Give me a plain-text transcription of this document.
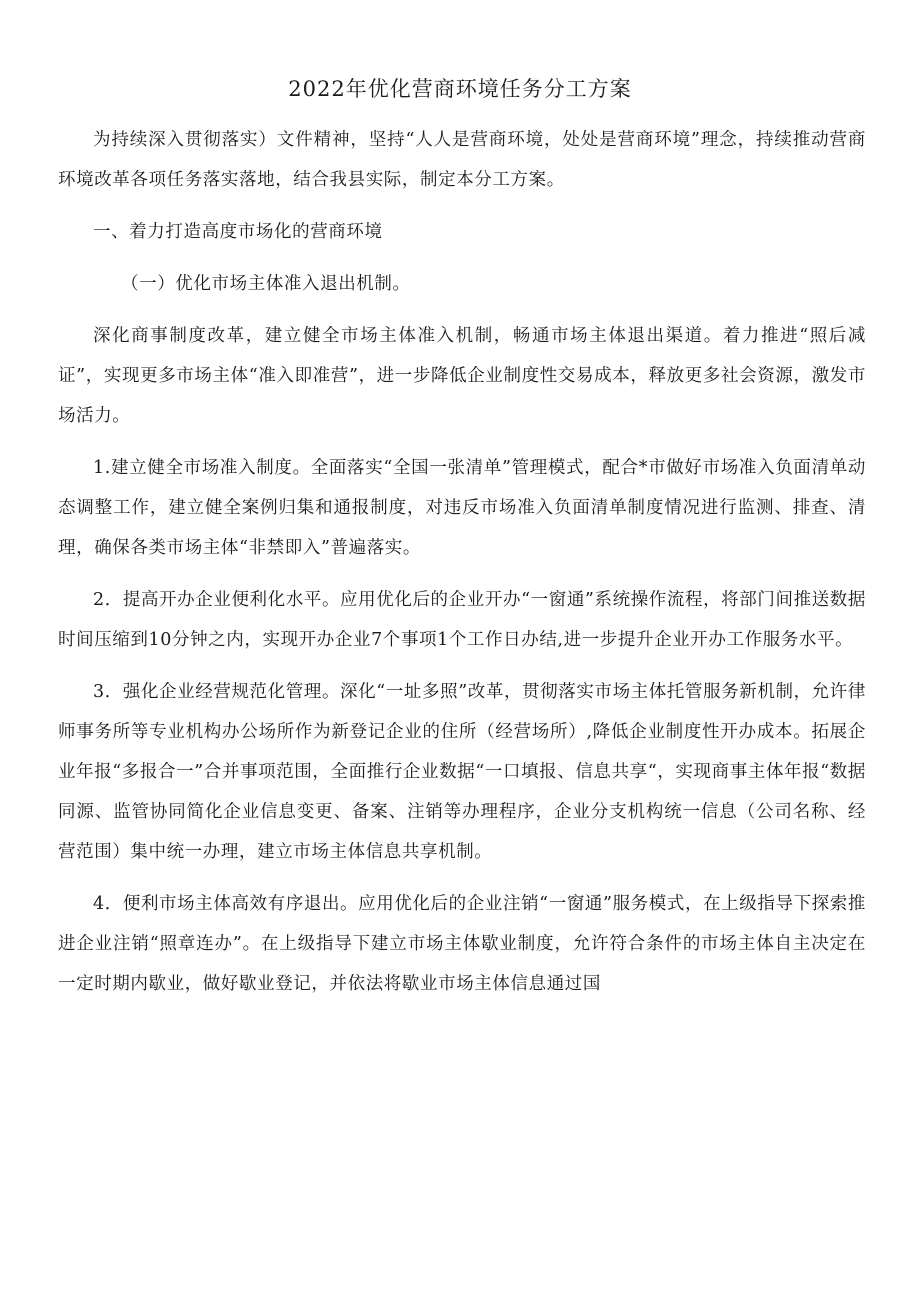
2022年优化营商环境任务分工方案

为持续深入贯彻落实）文件精神，坚持“人人是营商环境，处处是营商环境”理念，持续推动营商环境改革各项任务落实落地，结合我县实际，制定本分工方案。

一、着力打造高度市场化的营商环境

（一）优化市场主体准入退出机制。

深化商事制度改革，建立健全市场主体准入机制，畅通市场主体退出渠道。着力推进“照后减证”，实现更多市场主体“准入即准营”，进一步降低企业制度性交易成本，释放更多社会资源，激发市场活力。

1.建立健全市场准入制度。全面落实“全国一张清单”管理模式，配合*市做好市场准入负面清单动态调整工作，建立健全案例归集和通报制度，对违反市场准入负面清单制度情况进行监测、排查、清理，确保各类市场主体“非禁即入”普遍落实。

2．提高开办企业便利化水平。应用优化后的企业开办“一窗通”系统操作流程，将部门间推送数据时间压缩到10分钟之内，实现开办企业7个事项1个工作日办结,进一步提升企业开办工作服务水平。

3．强化企业经营规范化管理。深化“一址多照”改革，贯彻落实市场主体托管服务新机制，允许律师事务所等专业机构办公场所作为新登记企业的住所（经营场所）,降低企业制度性开办成本。拓展企业年报“多报合一”合并事项范围，全面推行企业数据“一口填报、信息共享“，实现商事主体年报“数据同源、监管协同简化企业信息变更、备案、注销等办理程序，企业分支机构统一信息（公司名称、经营范围）集中统一办理，建立市场主体信息共享机制。

4．便利市场主体高效有序退出。应用优化后的企业注销“一窗通”服务模式，在上级指导下探索推进企业注销“照章连办”。在上级指导下建立市场主体歇业制度，允许符合条件的市场主体自主决定在一定时期内歇业，做好歇业登记，并依法将歇业市场主体信息通过国
